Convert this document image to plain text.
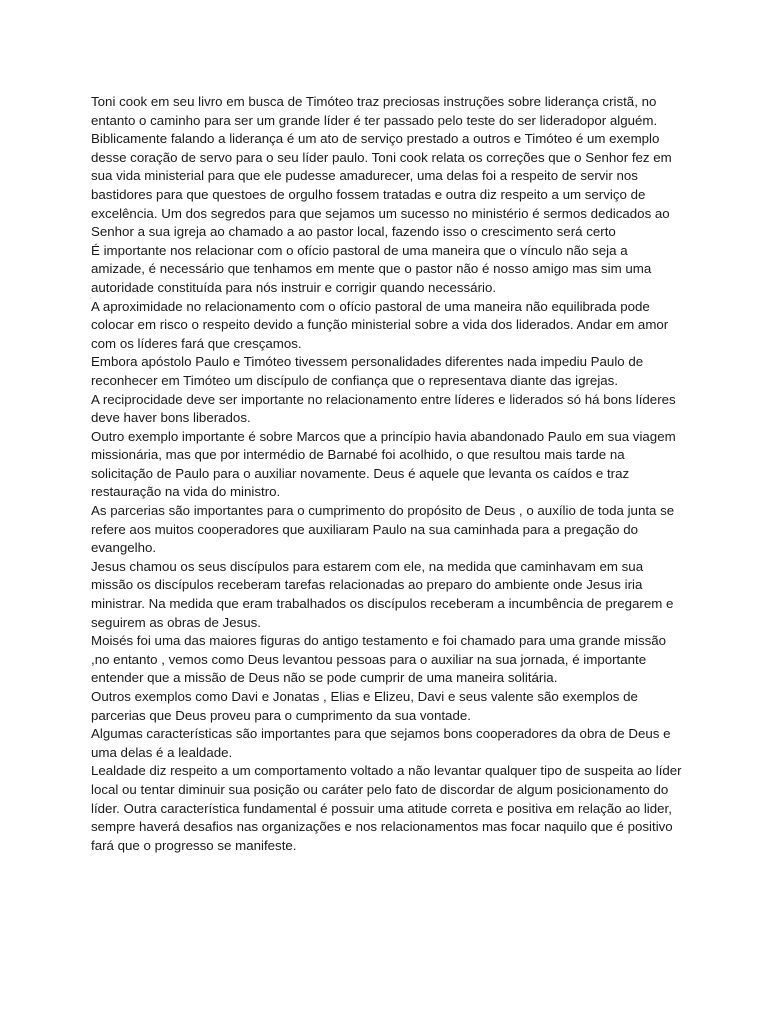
Toni cook em seu livro em busca de Timóteo traz preciosas instruções sobre liderança cristã, no entanto o caminho para ser um grande líder é ter passado pelo teste do ser lideradopor alguém.

Biblicamente falando a liderança é um ato de serviço prestado a outros e Timóteo é um exemplo desse coração de servo para o seu líder paulo. Toni cook relata os correções que o Senhor fez em sua vida ministerial para que ele pudesse amadurecer, uma delas foi a respeito de servir nos bastidores para que questoes de orgulho fossem tratadas e outra diz respeito a um serviço de excelência. Um dos segredos para que sejamos um sucesso no ministério é sermos dedicados ao Senhor a sua igreja ao chamado a ao pastor local, fazendo isso o crescimento será certo

É importante nos relacionar com o ofício pastoral de uma maneira que o vínculo não seja a amizade, é necessário que tenhamos em mente que o pastor não é nosso amigo mas sim uma autoridade constituída para nós instruir e corrigir quando necessário.

A aproximidade no relacionamento com o ofício pastoral de uma maneira não equilibrada pode colocar em risco o respeito devido a função ministerial sobre a vida dos liderados. Andar em amor com os líderes fará que cresçamos.

Embora apóstolo Paulo e Timóteo tivessem personalidades diferentes nada impediu Paulo de reconhecer em Timóteo um discípulo de confiança que o representava diante das igrejas.

A reciprocidade deve ser importante no relacionamento entre líderes e liderados só há bons líderes deve haver bons liberados.

Outro exemplo importante é sobre Marcos que a princípio havia abandonado Paulo em sua viagem missionária, mas que por intermédio de Barnabé foi acolhido, o que resultou mais tarde na solicitação de Paulo para o auxiliar novamente. Deus é aquele que levanta os caídos e traz restauração na vida do ministro.

As parcerias são importantes para o cumprimento do propósito de Deus , o auxílio de toda junta se refere aos muitos cooperadores que auxiliaram Paulo na sua caminhada para a pregação do evangelho.

Jesus chamou os seus discípulos para estarem com ele, na medida que caminhavam em sua missão os discípulos receberam tarefas relacionadas ao preparo do ambiente onde Jesus iria ministrar. Na medida que eram trabalhados os discípulos receberam a incumbência de pregarem e seguirem as obras de Jesus.

Moisés foi uma das maiores figuras do antigo testamento e foi chamado para uma grande missão ,no entanto , vemos como Deus levantou pessoas para o auxiliar na sua jornada, é importante entender que a missão de Deus não se pode cumprir de uma maneira solitária.

Outros exemplos como Davi e Jonatas , Elias e Elizeu, Davi e seus valente são exemplos de parcerias que Deus proveu para o cumprimento da sua vontade.

Algumas características são importantes para que sejamos bons cooperadores da obra de Deus e uma delas é a lealdade.

Lealdade diz respeito a um comportamento voltado a não levantar qualquer tipo de suspeita ao líder local ou tentar diminuir sua posição ou caráter pelo fato de discordar de algum posicionamento do líder. Outra característica fundamental é possuir uma atitude correta e positiva em relação ao lider, sempre haverá desafios nas organizações e nos relacionamentos mas focar naquilo que é positivo fará que o progresso se manifeste.
